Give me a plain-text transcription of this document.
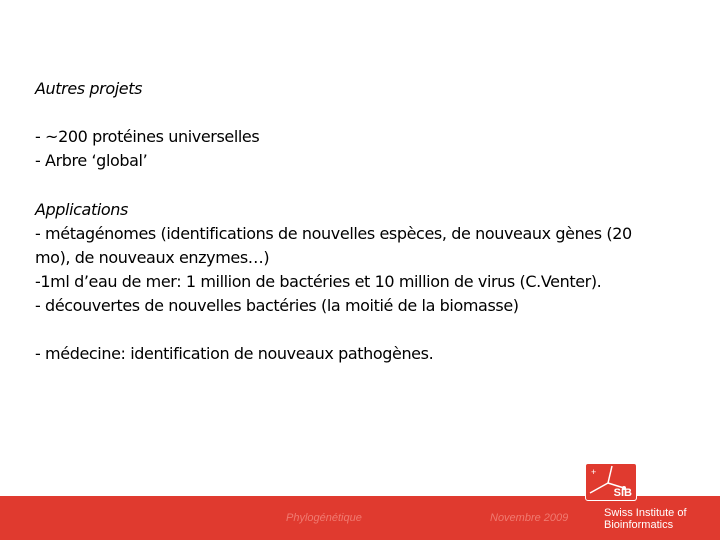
Autres projets
- ~200 protéines universelles
- Arbre ‘global’
Applications
- métagénomes (identifications de nouvelles espèces, de nouveaux gènes (20
mo), de nouveaux enzymes…)
-1ml d’eau de mer: 1 million de bactéries et 10 million de virus (C.Venter).
- découvertes de nouvelles bactéries (la moitié de la biomasse)
- médecine: identification de nouveaux pathogènes.
Phylogénétique	Novembre 2009
+
SIB
Swiss Institute of
Bioinformatics
